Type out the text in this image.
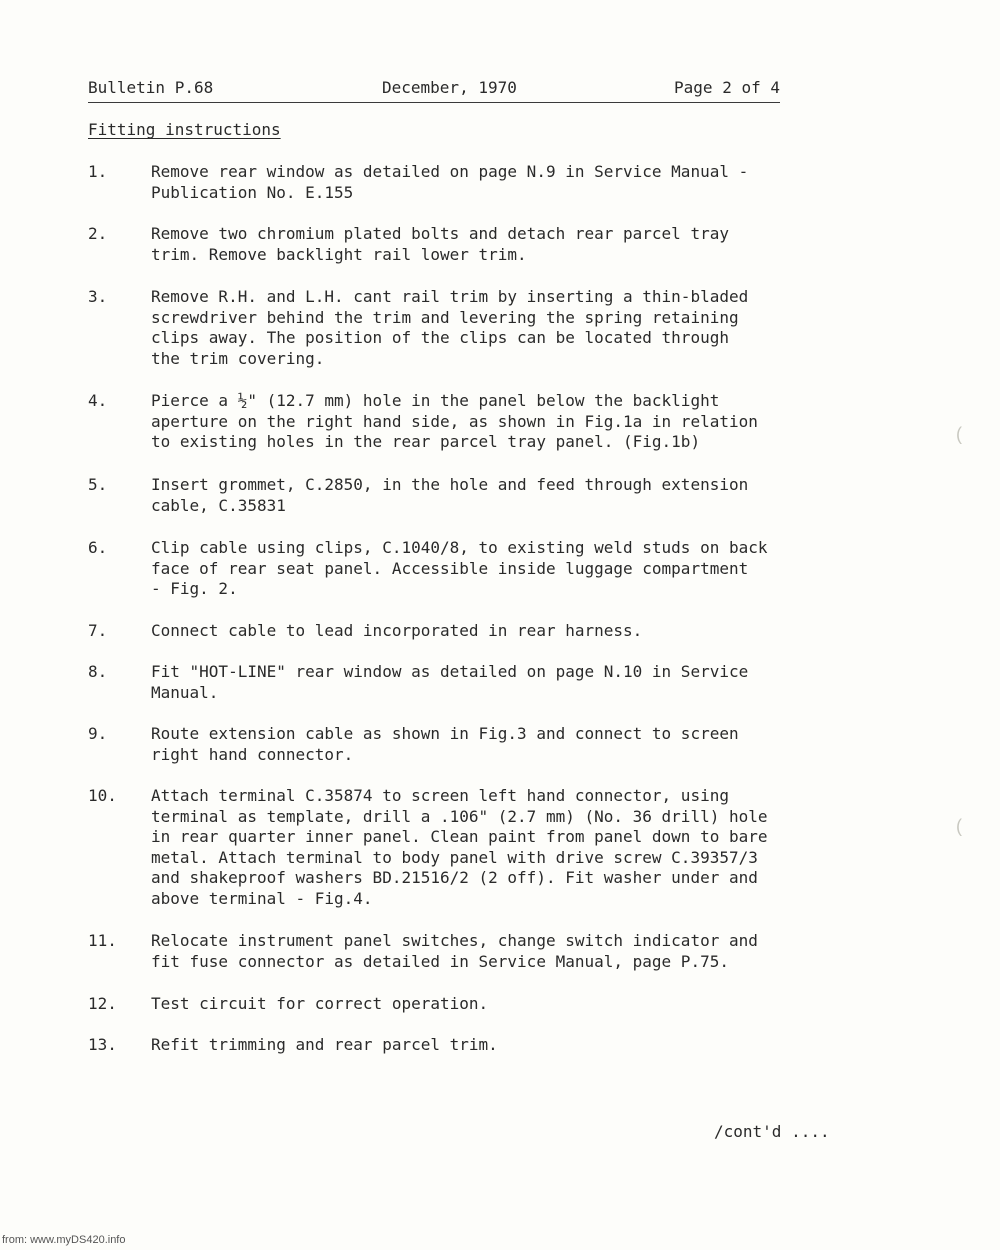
Bulletin P.68	December, 1970	Page 2 of 4
Fitting instructions
1.	Remove rear window as detailed on page N.9 in Service Manual -
Publication No. E.155
2.	Remove two chromium plated bolts and detach rear parcel tray
trim. Remove backlight rail lower trim.
3.	Remove R.H. and L.H. cant rail trim by inserting a thin-bladed
screwdriver behind the trim and levering the spring retaining
clips away. The position of the clips can be located through
the trim covering.
4.	Pierce a ½" (12.7 mm) hole in the panel below the backlight
aperture on the right hand side, as shown in Fig.1a in relation
to existing holes in the rear parcel tray panel. (Fig.1b)
5.	Insert grommet, C.2850, in the hole and feed through extension
cable, C.35831
6.	Clip cable using clips, C.1040/8, to existing weld studs on back
face of rear seat panel. Accessible inside luggage compartment
- Fig. 2.
7.	Connect cable to lead incorporated in rear harness.
8.	Fit "HOT-LINE" rear window as detailed on page N.10 in Service
Manual.
9.	Route extension cable as shown in Fig.3 and connect to screen
right hand connector.
10.	Attach terminal C.35874 to screen left hand connector, using
terminal as template, drill a .106" (2.7 mm) (No. 36 drill) hole
in rear quarter inner panel. Clean paint from panel down to bare
metal. Attach terminal to body panel with drive screw C.39357/3
and shakeproof washers BD.21516/2 (2 off). Fit washer under and
above terminal - Fig.4.
11.	Relocate instrument panel switches, change switch indicator and
fit fuse connector as detailed in Service Manual, page P.75.
12.	Test circuit for correct operation.
13.	Refit trimming and rear parcel trim.
/cont'd ....
from: www.myDS420.info
(
(
